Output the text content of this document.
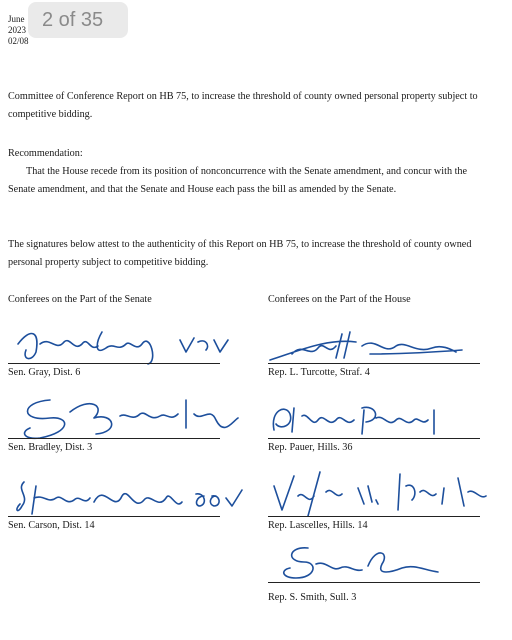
June
2023
02/08
2 of 35
Committee of Conference Report on HB 75, to increase the threshold of county owned personal property subject to competitive bidding.
Recommendation:
That the House recede from its position of nonconcurrence with the Senate amendment, and concur with the Senate amendment, and that the Senate and House each pass the bill as amended by the Senate.
The signatures below attest to the authenticity of this Report on HB 75, to increase the threshold of county owned personal property subject to competitive bidding.
Conferees on the Part of the Senate	Conferees on the Part of the House
Sen. Gray, Dist. 6
Sen. Bradley, Dist. 3
Sen. Carson, Dist. 14
Rep. L. Turcotte, Straf. 4
Rep. Pauer, Hills. 36
Rep. Lascelles, Hills. 14
Rep. S. Smith, Sull. 3
